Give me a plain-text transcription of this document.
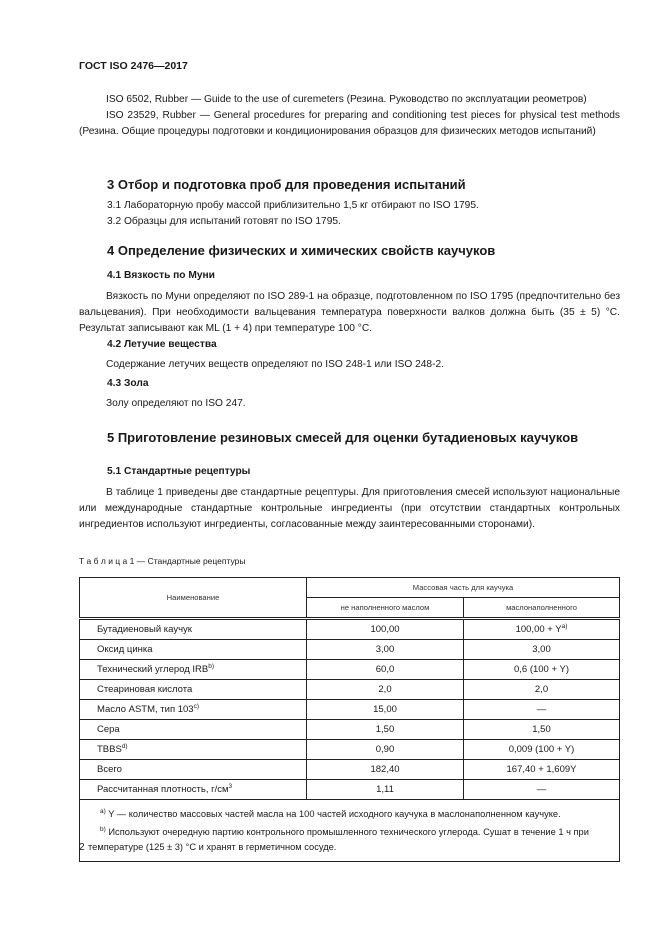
ГОСТ ISO 2476—2017

ISO 6502, Rubber — Guide to the use of curemeters (Резина. Руководство по эксплуатации реометров)

ISO 23529, Rubber — General procedures for preparing and conditioning test pieces for physical test methods (Резина. Общие процедуры подготовки и кондиционирования образцов для физических методов испытаний)

3 Отбор и подготовка проб для проведения испытаний

3.1 Лабораторную пробу массой приблизительно 1,5 кг отбирают по ISO 1795.

3.2 Образцы для испытаний готовят по ISO 1795.

4 Определение физических и химических свойств каучуков
4.1 Вязкость по Муни

Вязкость по Муни определяют по ISO 289-1 на образце, подготовленном по ISO 1795 (предпочтительно без вальцевания). При необходимости вальцевания температура поверхности валков должна быть (35 ± 5) °С. Результат записывают как ML (1 + 4) при температуре 100 °С.

4.2 Летучие вещества

Содержание летучих веществ определяют по ISO 248-1 или ISO 248-2.

4.3 Зола

Золу определяют по ISO 247.

5 Приготовление резиновых смесей для оценки бутадиеновых каучуков
5.1 Стандартные рецептуры

В таблице 1 приведены две стандартные рецептуры. Для приготовления смесей используют национальные или международные стандартные контрольные ингредиенты (при отсутствии стандартных контрольных ингредиентов используют ингредиенты, согласованные между заинтересованными сторонами).

Т а б л и ц а 1 — Стандартные рецептуры
Наименование	Массовая часть для каучука	
	не наполненного маслом	маслонаполненного
Бутадиеновый каучук	100,00	$100,00 + Y^{a)}$
Оксид цинка	3,00	3,00
Технический углерод IRB$^{b)}$	60,0	0,6 (100 + Y)
Стеариновая кислота	2,0	2,0
Масло ASTM, тип 103$^{c)}$	15,00	—
Сера	1,50	1,50
TBBS$^{d)}$	0,90	0,009 (100 + Y)
Всего	182,40	167,40 + 1,609Y
Рассчитанная плотность, $г/см^3$	1,11	—

$^{a)}$ Y — количество массовых частей масла на 100 частей исходного каучука в маслонаполненном каучуке.
$^{b)}$ Используют очередную партию контрольного промышленного технического углерода. Сушат в течение 1 ч при температуре (125 ± 3) °С и хранят в герметичном сосуде.		
2
